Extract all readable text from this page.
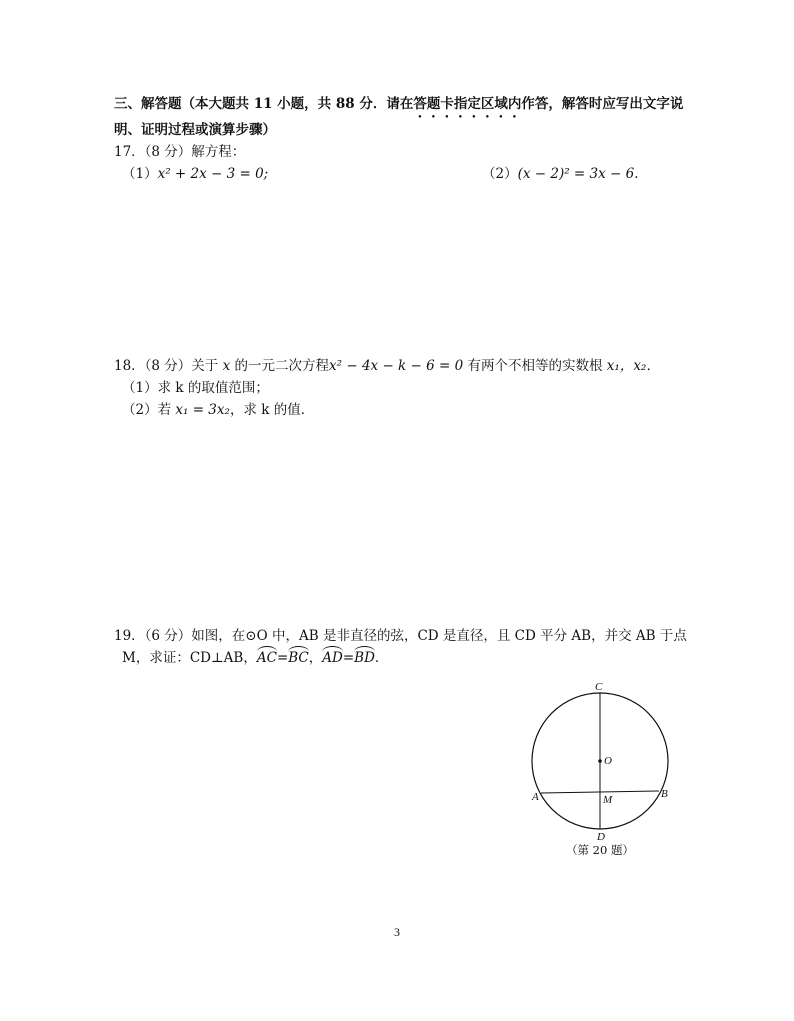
三、解答题（本大题共 11 小题，共 88 分．请在答题卡指定区域内作答，解答时应写出文字说
明、证明过程或演算步骤）
17．（8 分）解方程：
（1）x² + 2x − 3 = 0;	（2）(x − 2)² = 3x − 6.
18．（8 分）关于 x 的一元二次方程x² − 4x − k − 6 = 0 有两个不相等的实数根 x₁，x₂．
（1）求 k 的取值范围；
（2）若 x₁ = 3x₂，求 k 的值．
19．（6 分）如图，在⊙O 中，AB 是非直径的弦，CD 是直径，且 CD 平分 AB，并交 AB 于点
M，求证：CD⊥AB，AC=BC，AD=BD．
C
O
A	B
M
D
（第 20 题）
3
